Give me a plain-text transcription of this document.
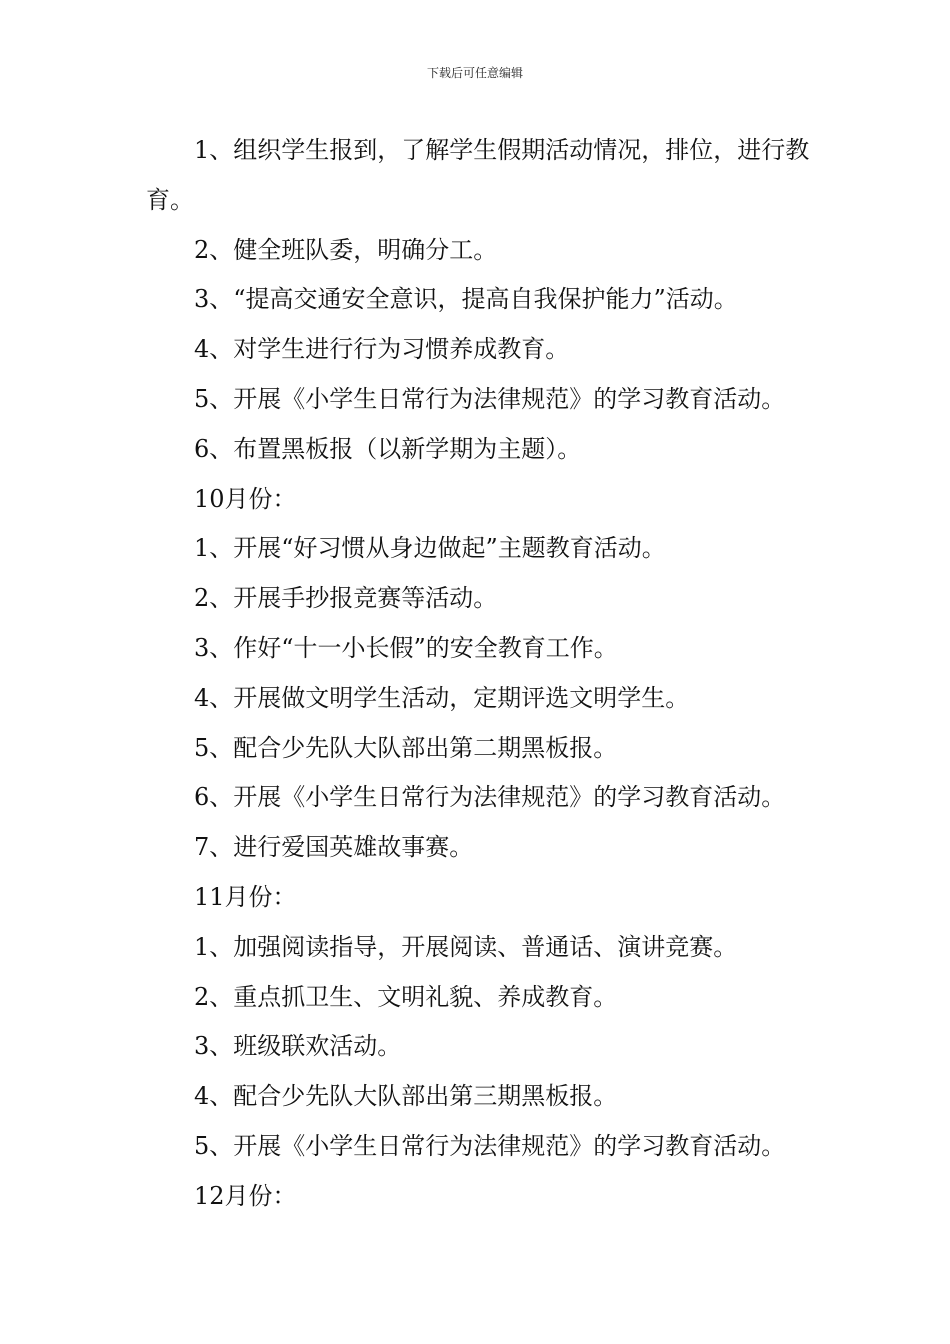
下载后可任意编辑

1、组织学生报到，了解学生假期活动情况，排位，进行教育。

2、健全班队委，明确分工。

3、“提高交通安全意识，提高自我保护能力”活动。

4、对学生进行行为习惯养成教育。

5、开展《小学生日常行为法律规范》的学习教育活动。

6、布置黑板报（以新学期为主题）。

10月份：

1、开展“好习惯从身边做起”主题教育活动。

2、开展手抄报竞赛等活动。

3、作好“十一小长假”的安全教育工作。

4、开展做文明学生活动，定期评选文明学生。

5、配合少先队大队部出第二期黑板报。

6、开展《小学生日常行为法律规范》的学习教育活动。

7、进行爱国英雄故事赛。

11月份：

1、加强阅读指导，开展阅读、普通话、演讲竞赛。

2、重点抓卫生、文明礼貌、养成教育。

3、班级联欢活动。

4、配合少先队大队部出第三期黑板报。

5、开展《小学生日常行为法律规范》的学习教育活动。

12月份：
